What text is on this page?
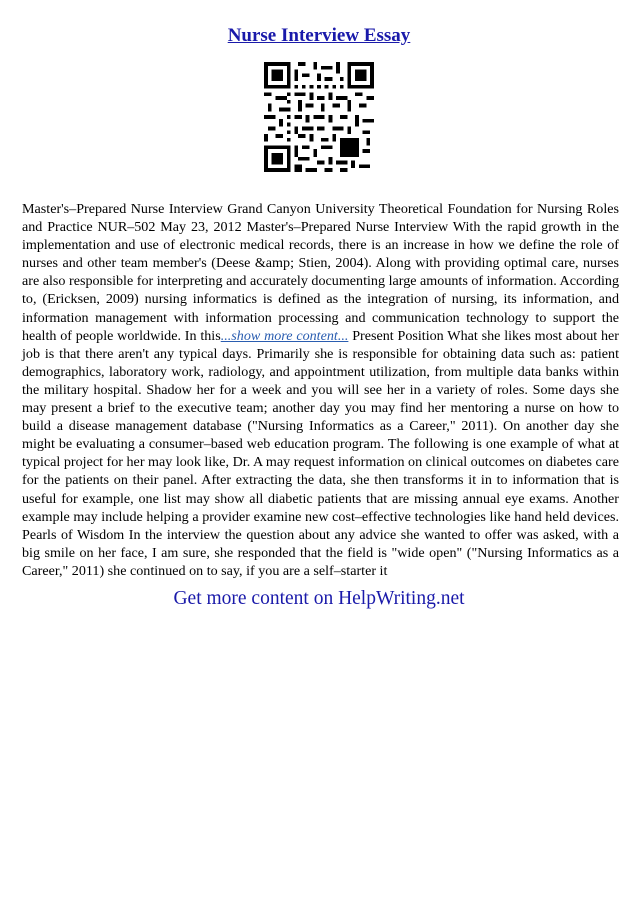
Nurse Interview Essay
Master's–Prepared Nurse Interview Grand Canyon University Theoretical Foundation for Nursing Roles and Practice NUR–502 May 23, 2012 Master's–Prepared Nurse Interview With the rapid growth in the implementation and use of electronic medical records, there is an increase in how we define the role of nurses and other team member's (Deese &amp; Stien, 2004). Along with providing optimal care, nurses are also responsible for interpreting and accurately documenting large amounts of information. According to, (Ericksen, 2009) nursing informatics is defined as the integration of nursing, its information, and information management with information processing and communication technology to support the health of people worldwide. In this...show more content... Present Position What she likes most about her job is that there aren't any typical days. Primarily she is responsible for obtaining data such as: patient demographics, laboratory work, radiology, and appointment utilization, from multiple data banks within the military hospital. Shadow her for a week and you will see her in a variety of roles. Some days she may present a brief to the executive team; another day you may find her mentoring a nurse on how to build a disease management database ("Nursing Informatics as a Career," 2011). On another day she might be evaluating a consumer–based web education program. The following is one example of what at typical project for her may look like, Dr. A may request information on clinical outcomes on diabetes care for the patients on their panel. After extracting the data, she then transforms it in to information that is useful for example, one list may show all diabetic patients that are missing annual eye exams. Another example may include helping a provider examine new cost–effective technologies like hand held devices. Pearls of Wisdom In the interview the question about any advice she wanted to offer was asked, with a big smile on her face, I am sure, she responded that the field is "wide open" ("Nursing Informatics as a Career," 2011) she continued on to say, if you are a self–starter it
Get more content on HelpWriting.net
